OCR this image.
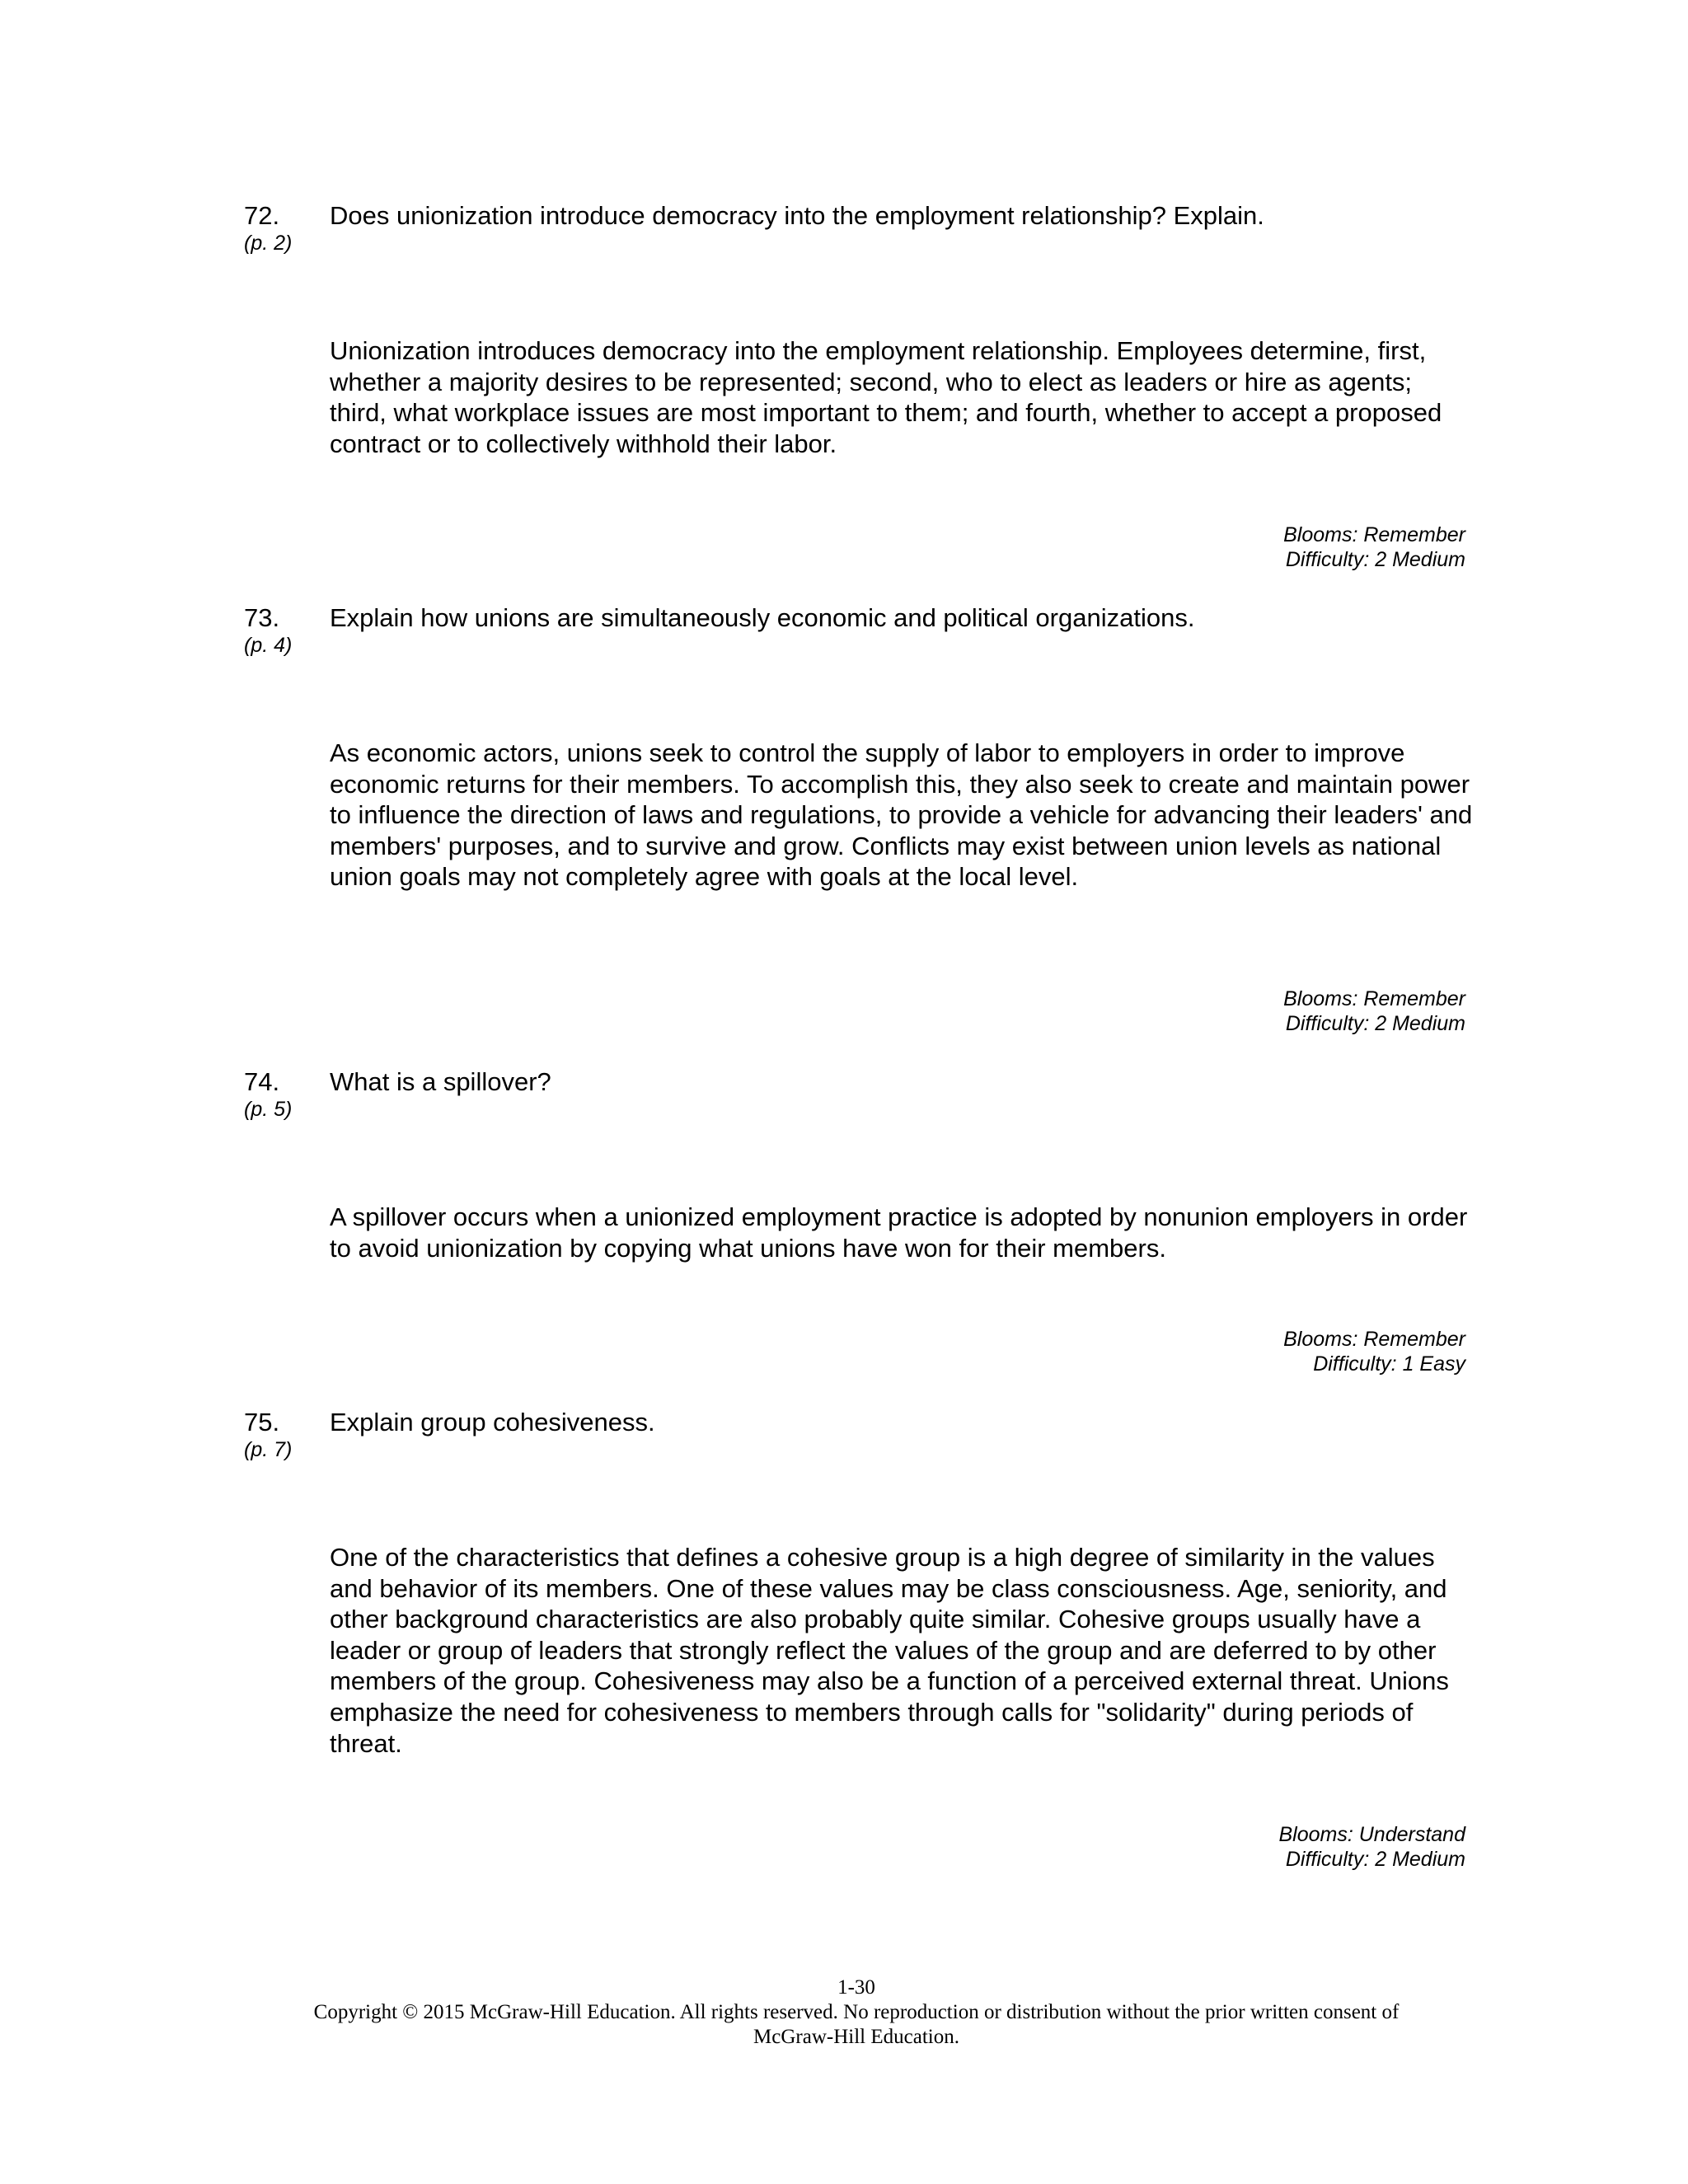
72.
(p. 2)
Does unionization introduce democracy into the employment relationship? Explain.
Unionization introduces democracy into the employment relationship. Employees determine, first, whether a majority desires to be represented; second, who to elect as leaders or hire as agents; third, what workplace issues are most important to them; and fourth, whether to accept a proposed contract or to collectively withhold their labor.
Blooms: Remember
Difficulty: 2 Medium
73.
(p. 4)
Explain how unions are simultaneously economic and political organizations.
As economic actors, unions seek to control the supply of labor to employers in order to improve economic returns for their members. To accomplish this, they also seek to create and maintain power to influence the direction of laws and regulations, to provide a vehicle for advancing their leaders' and members' purposes, and to survive and grow. Conflicts may exist between union levels as national union goals may not completely agree with goals at the local level.
Blooms: Remember
Difficulty: 2 Medium
74.
(p. 5)
What is a spillover?
A spillover occurs when a unionized employment practice is adopted by nonunion employers in order to avoid unionization by copying what unions have won for their members.
Blooms: Remember
Difficulty: 1 Easy
75.
(p. 7)
Explain group cohesiveness.
One of the characteristics that defines a cohesive group is a high degree of similarity in the values and behavior of its members. One of these values may be class consciousness. Age, seniority, and other background characteristics are also probably quite similar. Cohesive groups usually have a leader or group of leaders that strongly reflect the values of the group and are deferred to by other members of the group. Cohesiveness may also be a function of a perceived external threat. Unions emphasize the need for cohesiveness to members through calls for "solidarity" during periods of threat.
Blooms: Understand
Difficulty: 2 Medium
1-30
Copyright © 2015 McGraw-Hill Education. All rights reserved. No reproduction or distribution without the prior written consent of
McGraw-Hill Education.
